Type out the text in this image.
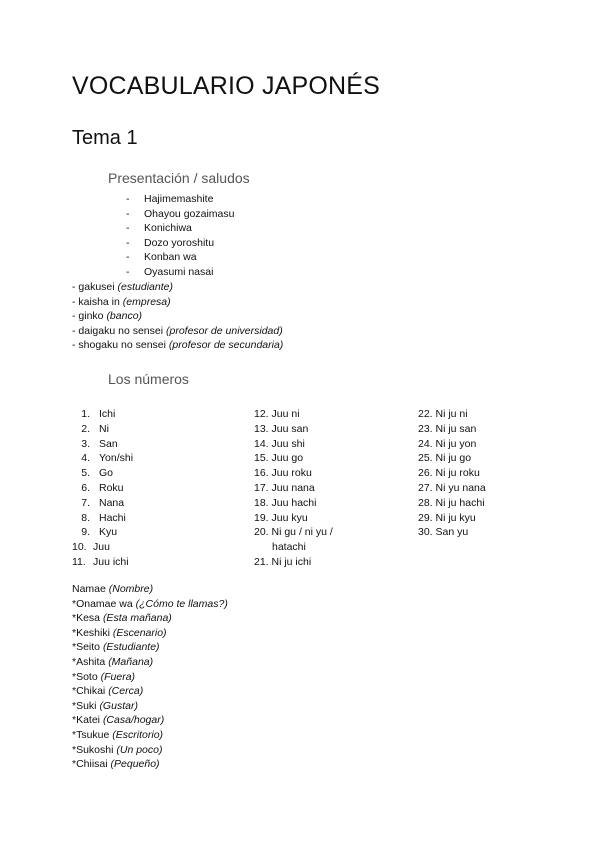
VOCABULARIO JAPONÉS
Tema 1
Presentación / saludos
-	Hajimemashite
-	Ohayou gozaimasu
-	Konichiwa
-	Dozo yoroshitu
-	Konban wa
-	Oyasumi nasai
- gakusei (estudiante)
- kaisha in (empresa)
- ginko (banco)
- daigaku no sensei (profesor de universidad)
- shogaku no sensei (profesor de secundaria)
Los números
1. Ichi
2. Ni
3. San
4. Yon/shi
5. Go
6. Roku
7. Nana
8. Hachi
9. Kyu
10. Juu
11. Juu ichi
12. Juu ni
13. Juu san
14. Juu shi
15. Juu go
16. Juu roku
17. Juu nana
18. Juu hachi
19. Juu kyu
20. Ni gu / ni yu /
hatachi
21. Ni ju ichi
22. Ni ju ni
23. Ni ju san
24. Ni ju yon
25. Ni ju go
26. Ni ju roku
27. Ni yu nana
28. Ni ju hachi
29. Ni ju kyu
30. San yu
Namae (Nombre)
*Onamae wa (¿Cómo te llamas?)
*Kesa (Esta mañana)
*Keshiki (Escenario)
*Seito (Estudiante)
*Ashita (Mañana)
*Soto (Fuera)
*Chikai (Cerca)
*Suki (Gustar)
*Katei (Casa/hogar)
*Tsukue (Escritorio)
*Sukoshi (Un poco)
*Chiisai (Pequeño)
